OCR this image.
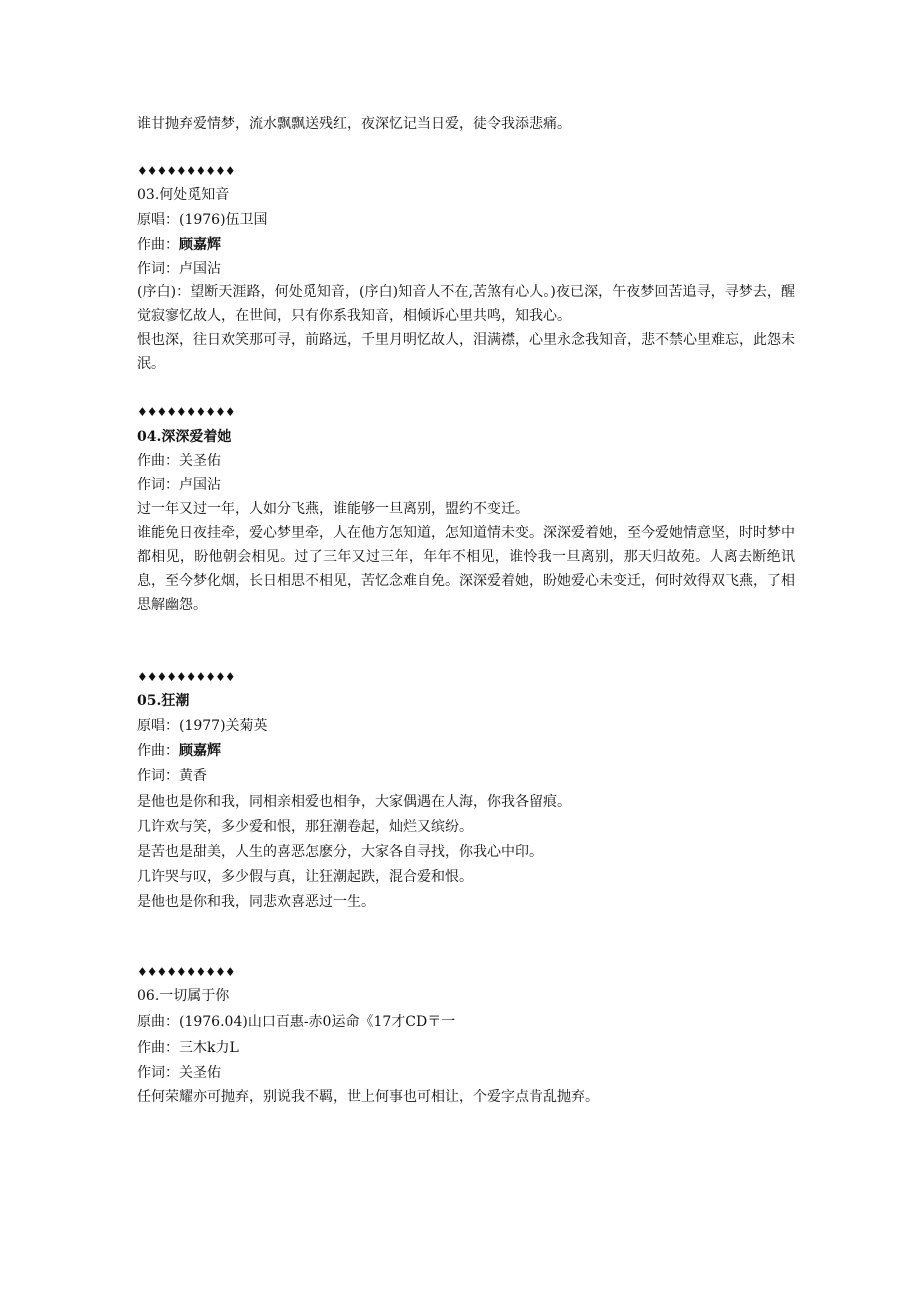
谁甘抛弃爱情梦，流水飘飘送残红，夜深忆记当日爱，徒令我添悲痛。
♦♦♦♦♦♦♦♦♦♦
03.何处觅知音
原唱：(1976)伍卫国
作曲：顾嘉辉
作词：卢国沾
(序白)：望断天涯路，何处觅知音，(序白)知音人不在,苦煞有心人。)夜已深，午夜梦回苦追寻，寻梦去，醒觉寂寥忆故人，在世间，只有你系我知音，相倾诉心里共鸣，知我心。
恨也深，往日欢笑那可寻，前路远，千里月明忆故人，泪满襟，心里永念我知音，悲不禁心里难忘，此怨未泯。
♦♦♦♦♦♦♦♦♦♦
04.深深爱着她
作曲：关圣佑
作词：卢国沾
过一年又过一年，人如分飞燕，谁能够一旦离别，盟约不变迁。
谁能免日夜挂牵，爱心梦里牵，人在他方怎知道，怎知道情未变。深深爱着她，至今爱她情意坚，时时梦中都相见，盼他朝会相见。过了三年又过三年，年年不相见，谁怜我一旦离别，那天归故苑。人离去断绝讯息，至今梦化烟，长日相思不相见，苦忆念难自免。深深爱着她，盼她爱心未变迁，何时效得双飞燕，了相思解幽怨。
♦♦♦♦♦♦♦♦♦♦
05.狂潮
原唱：(1977)关菊英
作曲：顾嘉辉
作词：黄香
是他也是你和我，同相亲相爱也相争，大家偶遇在人海，你我各留痕。
几许欢与笑，多少爱和恨，那狂潮卷起，灿烂又缤纷。
是苦也是甜美，人生的喜恶怎麽分，大家各自寻找，你我心中印。
几许哭与叹，多少假与真，让狂潮起跌，混合爱和恨。
是他也是你和我，同悲欢喜恶过一生。
♦♦♦♦♦♦♦♦♦♦
06.一切属于你
原曲：(1976.04)山口百惠-赤0运命《17才CD〒一
作曲：三木k力L
作词：关圣佑
任何荣耀亦可抛弃，别说我不羁，世上何事也可相让，个爱字点肯乱抛弃。
